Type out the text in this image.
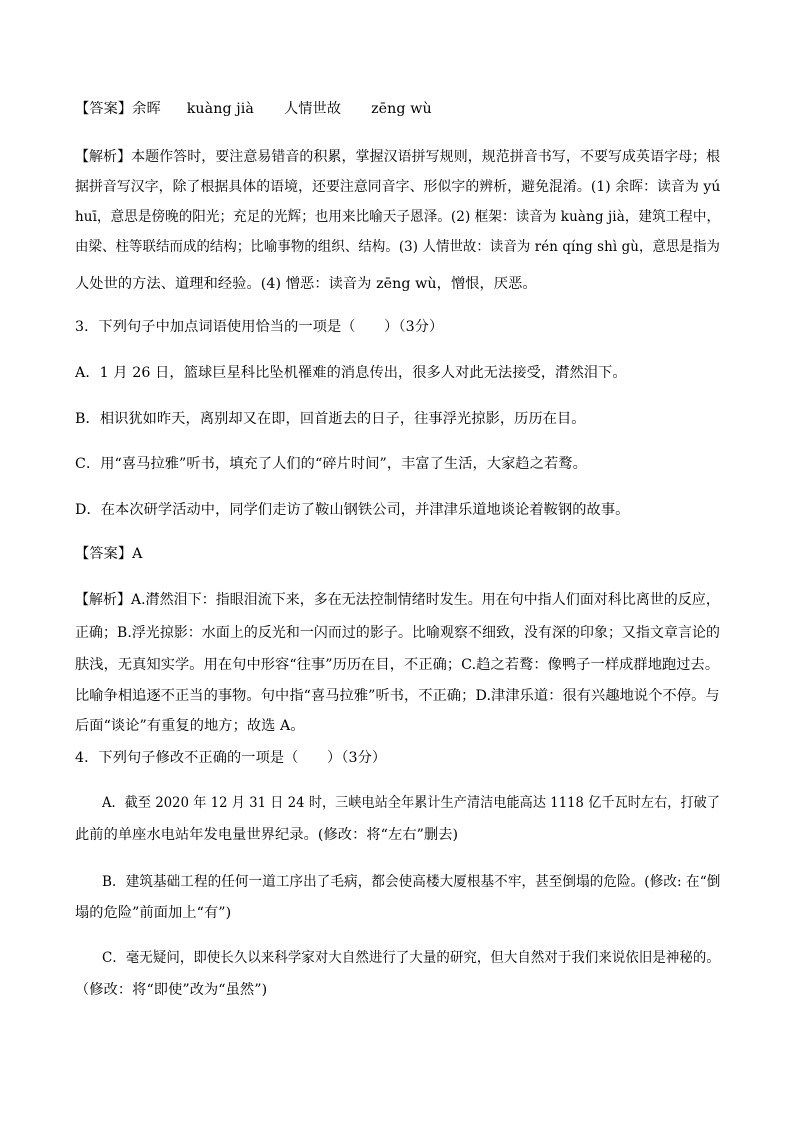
【答案】余晖 kuàng jià 人情世故 zēng wù
【解析】本题作答时，要注意易错音的积累，掌握汉语拼写规则，规范拼音书写，不要写成英语字母；根
据拼音写汉字，除了根据具体的语境，还要注意同音字、形似字的辨析，避免混淆。(1) 余晖：读音为 yú
huī，意思是傍晚的阳光；充足的光辉；也用来比喻天子恩泽。(2) 框架：读音为 kuàng jià，建筑工程中，
由梁、柱等联结而成的结构；比喻事物的组织、结构。(3) 人情世故：读音为 rén qíng shì gù，意思是指为
人处世的方法、道理和经验。(4) 憎恶：读音为 zēng wù，憎恨，厌恶。
3．下列句子中加点词语使用恰当的一项是（　　）（3分）
A．1 月 26 日，篮球巨星科比坠机罹难的消息传出，很多人对此无法接受，潸然泪下。
B．相识犹如昨天，离别却又在即，回首逝去的日子，往事浮光掠影，历历在目。
C．用“喜马拉雅”听书，填充了人们的“碎片时间”，丰富了生活，大家趋之若鹜。
D．在本次研学活动中，同学们走访了鞍山钢铁公司，并津津乐道地谈论着鞍钢的故事。
【答案】A
【解析】A.潸然泪下：指眼泪流下来，多在无法控制情绪时发生。用在句中指人们面对科比离世的反应，
正确；B.浮光掠影：水面上的反光和一闪而过的影子。比喻观察不细致，没有深的印象；又指文章言论的
肤浅，无真知实学。用在句中形容“往事”历历在目，不正确；C.趋之若鹜：像鸭子一样成群地跑过去。
比喻争相追逐不正当的事物。句中指“喜马拉雅”听书，不正确；D.津津乐道：很有兴趣地说个不停。与
后面“谈论”有重复的地方；故选 A。
4．下列句子修改不正确的一项是（　　）（3分）
A．截至 2020 年 12 月 31 日 24 时，三峡电站全年累计生产清洁电能高达 1118 亿千瓦时左右，打破了
此前的单座水电站年发电量世界纪录。(修改：将“左右”删去)
B．建筑基础工程的任何一道工序出了毛病，都会使高楼大厦根基不牢，甚至倒塌的危险。(修改: 在“倒
塌的危险”前面加上“有”)
C．毫无疑问，即使长久以来科学家对大自然进行了大量的研究，但大自然对于我们来说依旧是神秘的。
（修改：将“即使”改为“虽然”)
